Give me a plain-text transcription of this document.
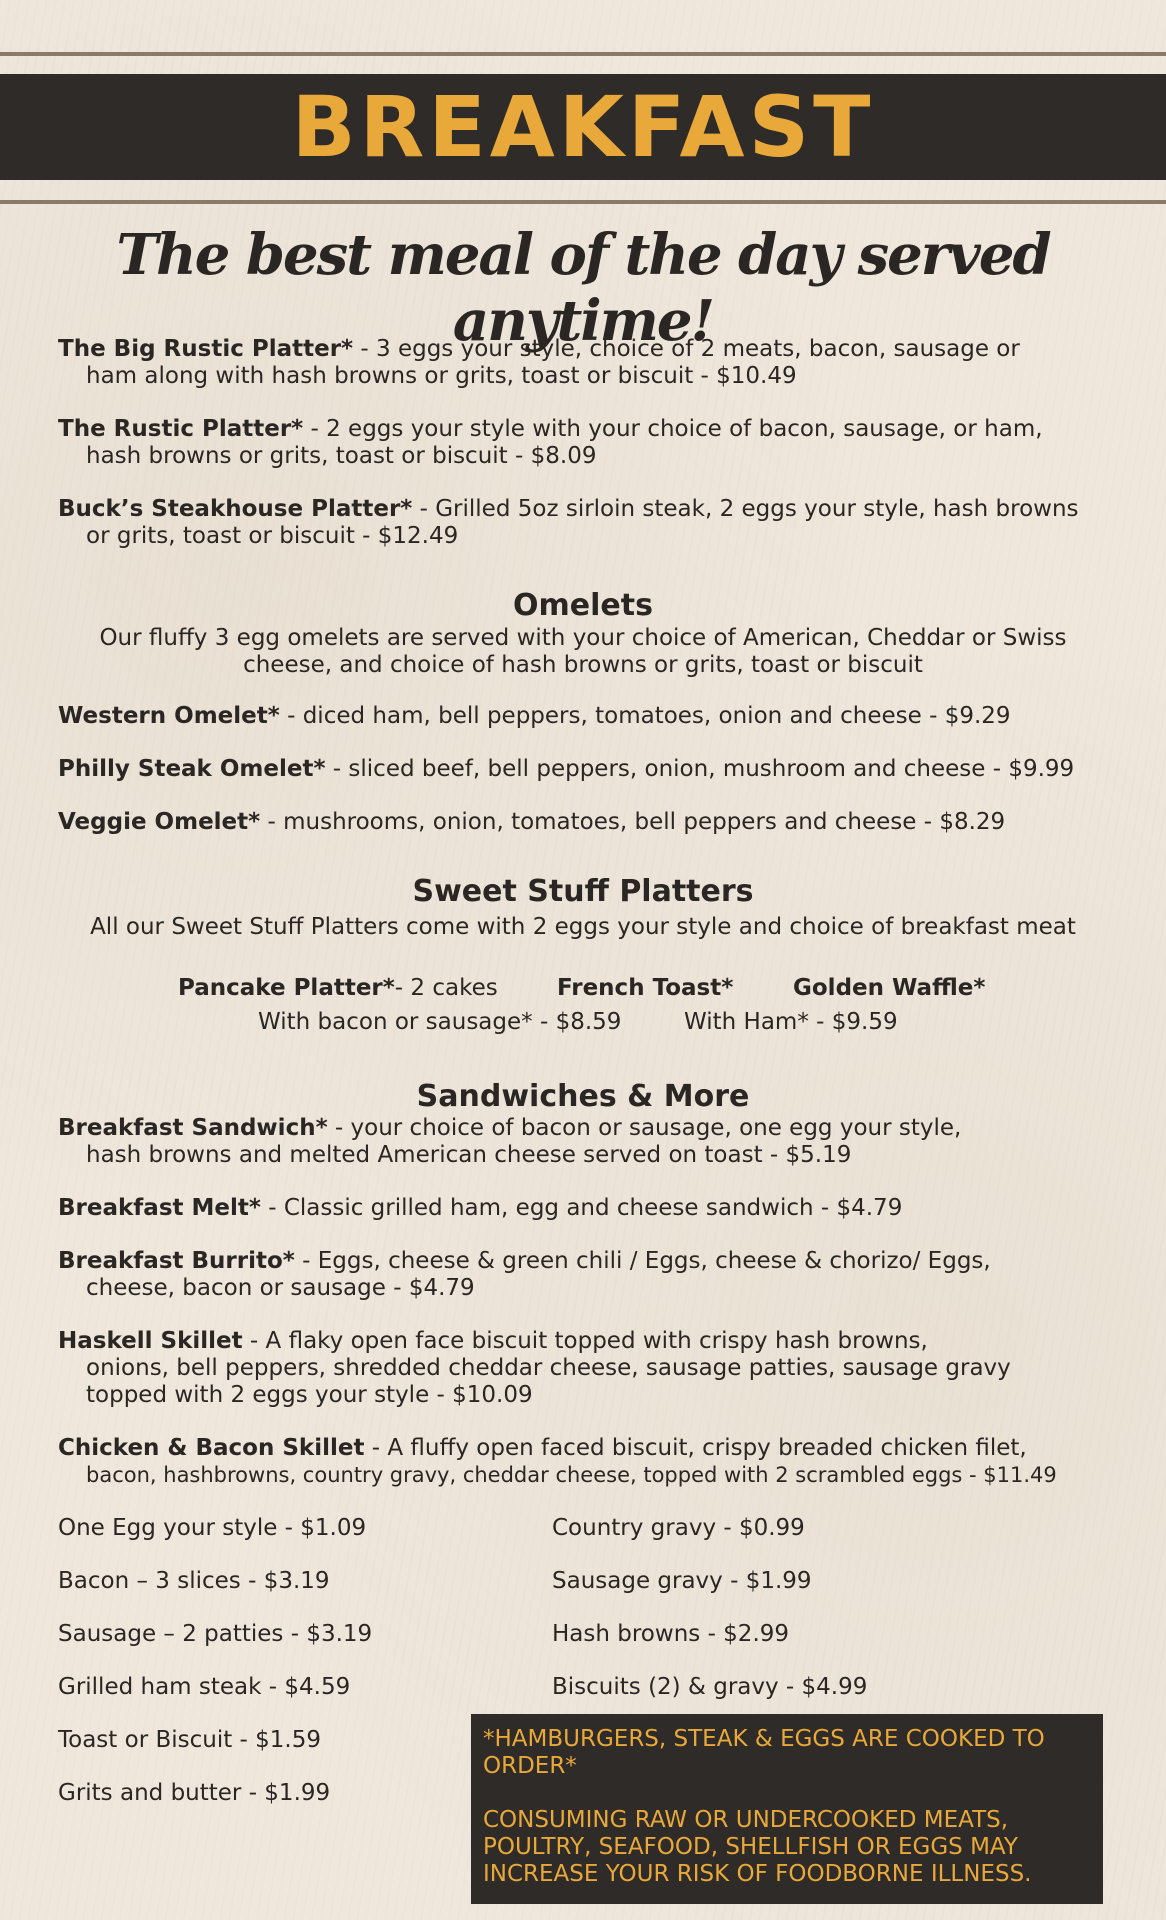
BREAKFAST
The best meal of the day served anytime!
The Big Rustic Platter* - 3 eggs your style, choice of 2 meats, bacon, sausage or
ham along with hash browns or grits, toast or biscuit - $10.49
The Rustic Platter* - 2 eggs your style with your choice of bacon, sausage, or ham,
hash browns or grits, toast or biscuit - $8.09
Buck’s Steakhouse Platter* - Grilled 5oz sirloin steak, 2 eggs your style, hash browns
or grits, toast or biscuit - $12.49
Omelets
Our fluffy 3 egg omelets are served with your choice of American, Cheddar or Swiss
cheese, and choice of hash browns or grits, toast or biscuit
Western Omelet* - diced ham, bell peppers, tomatoes, onion and cheese - $9.29
Philly Steak Omelet* - sliced beef, bell peppers, onion, mushroom and cheese - $9.99
Veggie Omelet* - mushrooms, onion, tomatoes, bell peppers and cheese - $8.29
Sweet Stuff Platters
All our Sweet Stuff Platters come with 2 eggs your style and choice of breakfast meat
Pancake Platter*- 2 cakes	French Toast*	Golden Waffle*
With bacon or sausage* - $8.59	With Ham* - $9.59
Sandwiches & More
Breakfast Sandwich* - your choice of bacon or sausage, one egg your style,
hash browns and melted American cheese served on toast - $5.19
Breakfast Melt* - Classic grilled ham, egg and cheese sandwich - $4.79
Breakfast Burrito* - Eggs, cheese & green chili / Eggs, cheese & chorizo/ Eggs,
cheese, bacon or sausage - $4.79
Haskell Skillet - A flaky open face biscuit topped with crispy hash browns,
onions, bell peppers, shredded cheddar cheese, sausage patties, sausage gravy
topped with 2 eggs your style - $10.09
Chicken & Bacon Skillet - A fluffy open faced biscuit, crispy breaded chicken filet,
bacon, hashbrowns, country gravy, cheddar cheese, topped with 2 scrambled eggs - $11.49
One Egg your style - $1.09
Bacon – 3 slices - $3.19
Sausage – 2 patties - $3.19
Grilled ham steak - $4.59
Toast or Biscuit - $1.59
Grits and butter - $1.99
Country gravy - $0.99
Sausage gravy - $1.99
Hash browns - $2.99
Biscuits (2) & gravy - $4.99

*HAMBURGERS, STEAK & EGGS ARE COOKED TO ORDER*

CONSUMING RAW OR UNDERCOOKED MEATS, POULTRY, SEAFOOD, SHELLFISH OR EGGS MAY INCREASE YOUR RISK OF FOODBORNE ILLNESS.
